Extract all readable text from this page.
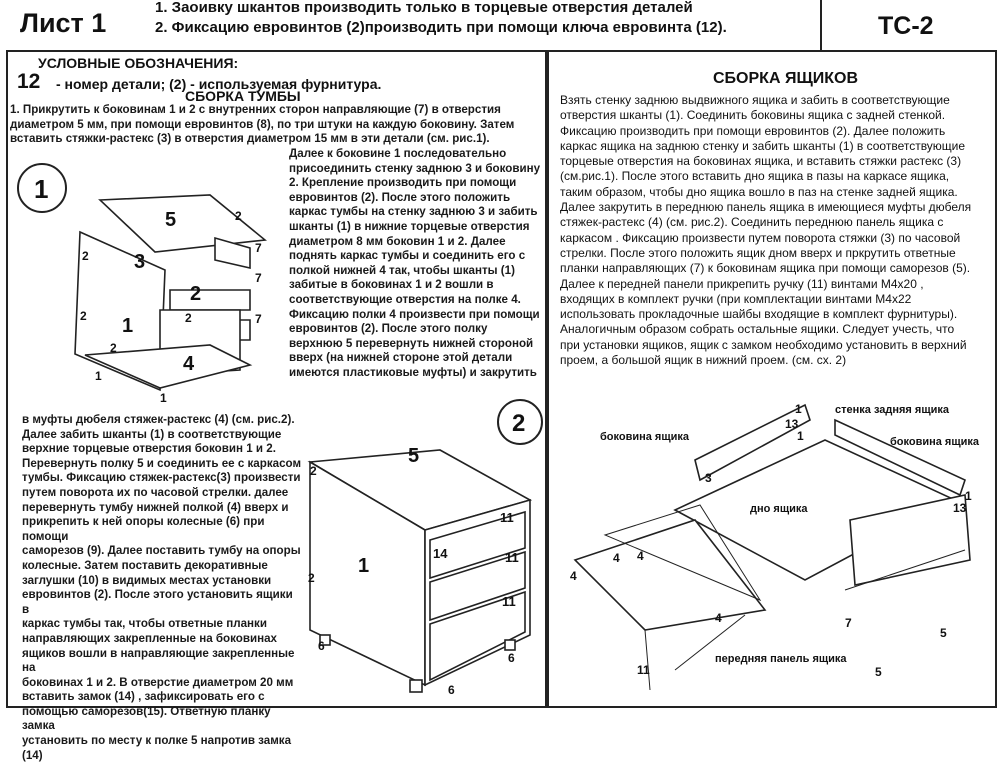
Лист 1
1. Заоивку шкантов производить только в торцевые отверстия деталей
2. Фиксацию евровинтов (2)производить при помощи ключа евровинта (12).	ТС-2
УСЛОВНЫЕ ОБОЗНАЧЕНИЯ:
12 - номер детали; (2) - используемая фурнитура.
СБОРКА ТУМБЫ
1. Прикрутить к боковинам 1 и 2 с внутренних сторон направляющие (7) в отверстия
диаметром 5 мм, при помощи евровинтов (8), по три штуки на каждую боковину. Затем
вставить стяжки-растекс (3) в отверстия диаметром 15 мм в эти детали (см. рис.1).
Далее к боковине 1 последовательно
присоединить стенку заднюю 3 и боковину
2. Крепление производить при помощи
евровинтов (2). После этого положить
каркас тумбы на стенку заднюю 3 и забить
шканты (1) в нижние торцевые отверстия
диаметром 8 мм боковин 1 и 2. Далее
поднять каркас тумбы и соединить его с
полкой нижней 4 так, чтобы шканты (1)
забитые в боковинах 1 и 2 вошли в
соответствующие отверстия на полке 4.
Фиксацию полки 4 произвести при помощи
евровинтов (2). После этого полку
верхнюю 5 перевернуть нижней стороной
вверх (на нижней стороне этой детали
имеются пластиковые муфты) и закрутить
в муфты дюбеля стяжек-растекс (4) (см. рис.2).
Далее забить шканты (1) в соответствующие
верхние торцевые отверстия боковин 1 и 2.
Перевернуть полку 5 и соединить ее с каркасом
тумбы. Фиксацию стяжек-растекс(3) произвести
путем поворота их по часовой стрелки. далее
перевернуть тумбу нижней полкой (4) вверх и
прикрепить к ней опоры колесные (6) при помощи
саморезов (9). Далее поставить тумбу на опоры
колесные. Затем поставить декоративные
заглушки (10) в видимых местах установки
евровинтов (2). После этого установить ящики в
каркас тумбы так, чтобы ответные планки
направляющих закрепленные на боковинах
ящиков вошли в направляющие закрепленные на
боковинах 1 и 2. В отверстие диаметром 20 мм
вставить замок (14) , зафиксировать его с
помощью саморезов(15). Ответную планку замка
установить по месту к полке 5 напротив замка
(14)
1
5
3
2
1
4
7
7
7
2
2
2
2
1
1
2
2
5
1
11
11
11
14
2
2
6
6
6
СБОРКА ЯЩИКОВ
Взять стенку заднюю выдвижного ящика и забить в соответствующие
отверстия шканты (1). Соединить боковины ящика с задней стенкой.
Фиксацию производить при помощи евровинтов (2). Далее положить
каркас ящика на заднюю стенку и забить шканты (1) в соответствующие
торцевые отверстия на боковинах ящика, и вставить стяжки растекс (3)
(см.рис.1). После этого вставить дно ящика в пазы на каркасе ящика,
таким образом, чтобы дно ящика вошло в паз на стенке задней ящика.
Далее закрутить в переднюю панель ящика в имеющиеся муфты дюбеля
стяжек-растекс (4) (см. рис.2). Соединить переднюю панель ящика с
каркасом . Фиксацию произвести путем поворота стяжки (3) по часовой
стрелки. После этого положить ящик дном вверх и пркрутить ответные
планки направляющих (7) к боковинам ящика при помощи саморезов (5).
Далее к передней панели прикрепить ручку (11) винтами М4х20 ,
входящих в комплект ручки (при комплектации винтами М4х22
использовать прокладочные шайбы входящие в комплект фурнитуры).
Аналогичным образом собрать остальные ящики. Следует учесть, что
при установки ящиков, ящик с замком необходимо установить в верхний
проем, а большой ящик в нижний проем. (см. сх. 2)
1
13
1
3
13
1
4
4 4
4	7
5
5
11
стенка задняя ящика
боковина ящика	боковина ящика
дно ящика
передняя панель ящика
